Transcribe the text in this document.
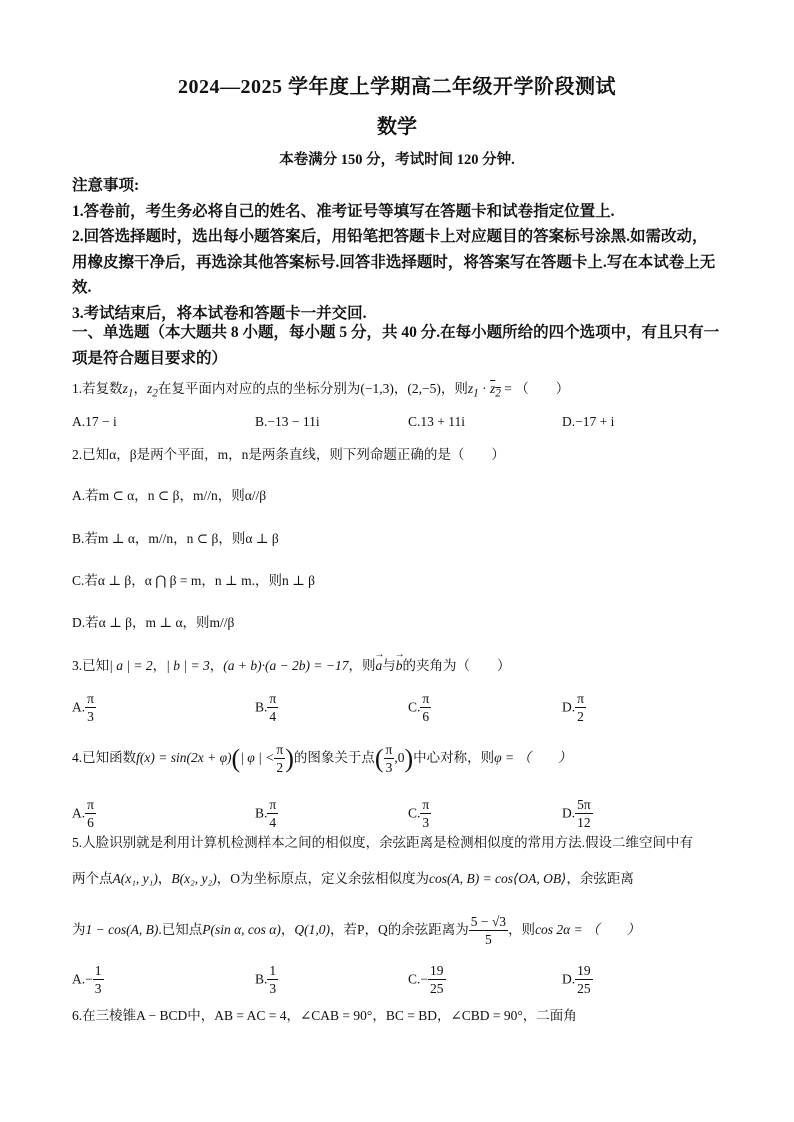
2024—2025 学年度上学期高二年级开学阶段测试
数学
本卷满分 150 分，考试时间 120 分钟.

注意事项:

1.答卷前，考生务必将自己的姓名、准考证号等填写在答题卡和试卷指定位置上.

2.回答选择题时，选出每小题答案后，用铅笔把答题卡上对应题目的答案标号涂黑.如需改动，用橡皮擦干净后，再选涂其他答案标号.回答非选择题时，将答案写在答题卡上.写在本试卷上无效.

3.考试结束后，将本试卷和答题卡一并交回.

一、单选题（本大题共 8 小题，每小题 5 分，共 40 分.在每小题所给的四个选项中，有且只有一项是符合题目要求的）
1.若复数$z_1$，$z_2$在复平面内对应的点的坐标分别为(−1,3)，(2,−5)，则$z_1 \cdot z_2$ = （　　）
A.17 − i	B.−13 − 11i	C.13 + 11i	D.−17 + i
2.已知α，β是两个平面，m，n是两条直线，则下列命题正确的是（　　）
A.若m ⊂ α，n ⊂ β，m//n，则α//β
B.若m ⊥ α，m//n，n ⊂ β，则α ⊥ β
C.若α ⊥ β，α ⋂ β = m，n ⊥ m.，则n ⊥ β
D.若α ⊥ β，m ⊥ α，则m//β
3.已知| a | = 2，| b | = 3，(a + b)·(a − 2b) = −17，则→ a与→ b的夹角为（　　）
A. $\frac{\pi}{3}$	B. $\frac{\pi}{4}$	C. $\frac{\pi}{6}$	D. $\frac{\pi}{2}$
4.已知函数f(x) = sin(2x + φ)(| φ | < $\frac{\pi}{2}$ )的图象关于点( $\frac{\pi}{3} ,0$)中心对称，则φ = （　　）
A. $\frac{\pi}{6}$	B. $\frac{\pi}{4}$	C. $\frac{\pi}{3}$	D. $\frac{5\pi}{12}$
5.人脸识别就是利用计算机检测样本之间的相似度，余弦距离是检测相似度的常用方法.假设二维空间中有
两个点A(x₁, y₁)，B(x₂, y₂)，O为坐标原点，定义余弦相似度为cos(A, B) = cos⟨OA, OB⟩，余弦距离
为1 − cos(A, B).已知点P(sin α, cos α)，Q(1,0)，若P，Q的余弦距离为 $\frac{5 - √3}{5}$ ，则cos 2α = （　　）
$A.- \frac{1}{3}$	B. $\frac{1}{3}$	$C.- \frac{19}{25}$	D. $\frac{19}{25}$
6.在三棱锥A − BCD中，AB = AC = 4，∠CAB = 90°，BC = BD，∠CBD = 90°，二面角
